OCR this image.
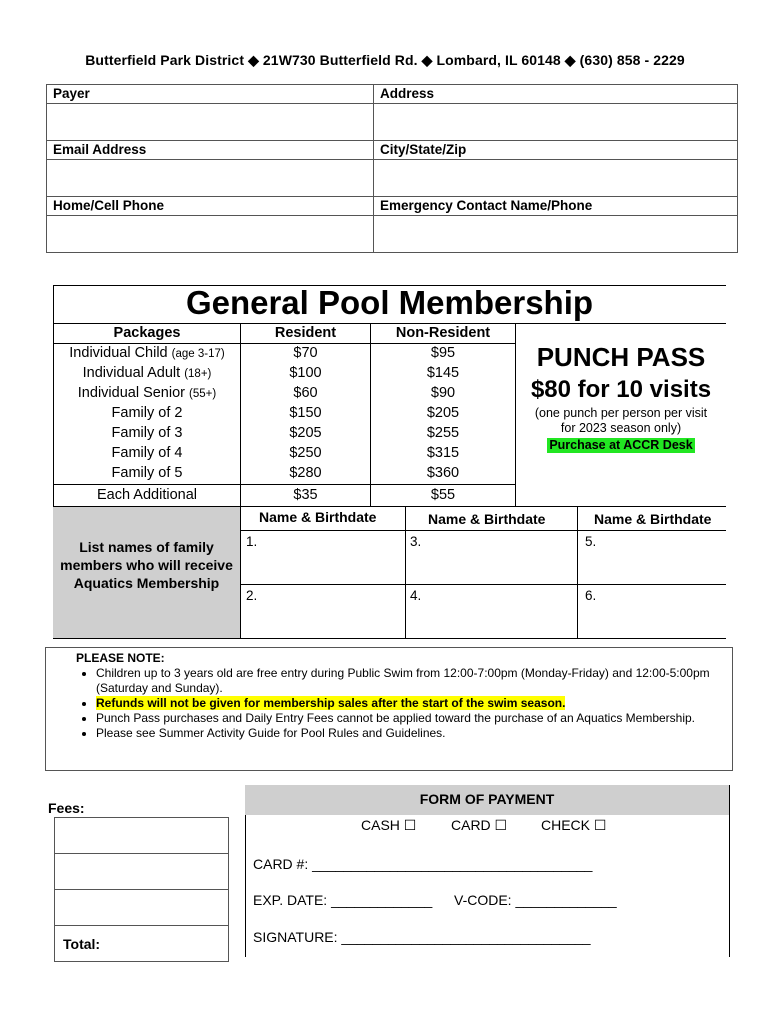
Butterfield Park District ◆ 21W730 Butterfield Rd. ◆ Lombard, IL 60148 ◆ (630) 858 - 2229
Payer	Address

Email Address	City/State/Zip

Home/Cell Phone	Emergency Contact Name/Phone

General Pool Membership
Packages	Resident	Non-Resident
Individual Child (age 3-17)	$70	$95
Individual Adult (18+)	$100	$145
Individual Senior (55+)	$60	$90
Family of 2	$150	$205
Family of 3	$205	$255
Family of 4	$250	$315
Family of 5	$280	$360
Each Additional	$35	$55
PUNCH PASS
$80 for 10 visits
(one punch per person per visit
for 2023 season only)
Purchase at ACCR Desk
List names of family members who will receive Aquatics Membership
Name & Birthdate	Name & Birthdate	Name & Birthdate
1.
2.
3.
4.
5.
6.
PLEASE NOTE:
• Children up to 3 years old are free entry during Public Swim from 12:00-7:00pm (Monday-Friday) and 12:00-5:00pm (Saturday and Sunday).
• Refunds will not be given for membership sales after the start of the swim season.
• Punch Pass purchases and Daily Entry Fees cannot be applied toward the purchase of an Aquatics Membership.
• Please see Summer Activity Guide for Pool Rules and Guidelines.
Fees:
Total:
FORM OF PAYMENT
CASH ☐ CARD ☐ CHECK ☐
CARD #: ____________________________________
EXP. DATE: _____________ V-CODE: _____________
SIGNATURE: ________________________________
